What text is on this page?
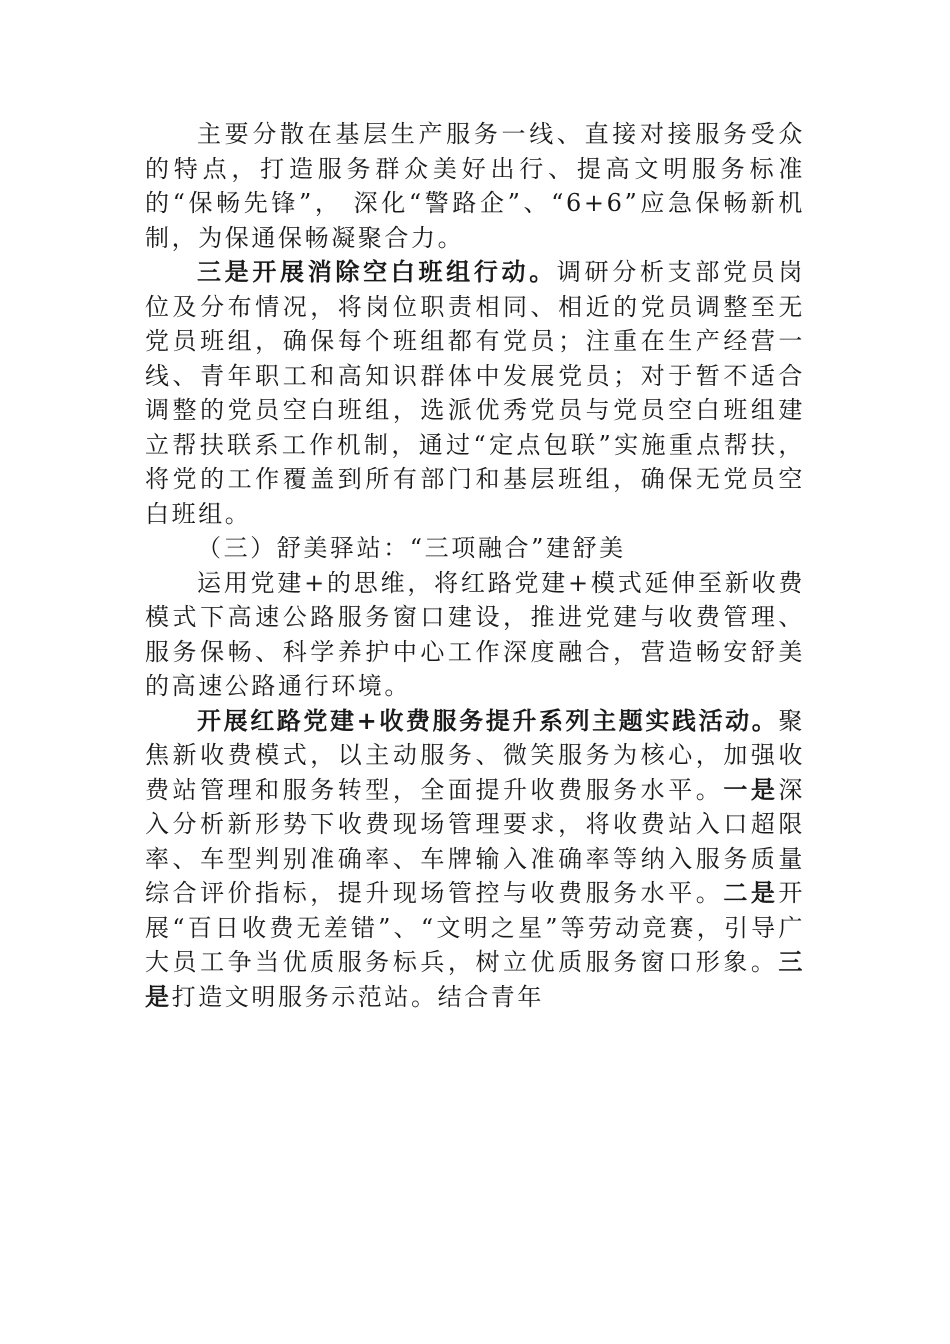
主要分散在基层生产服务一线、直接对接服务受众的特点，打造服务群众美好出行、提高文明服务标准的“保畅先锋”， 深化“警路企”、“6+6”应急保畅新机制，为保通保畅凝聚合力。

三是开展消除空白班组行动。调研分析支部党员岗位及分布情况，将岗位职责相同、相近的党员调整至无党员班组，确保每个班组都有党员；注重在生产经营一线、青年职工和高知识群体中发展党员；对于暂不适合调整的党员空白班组，选派优秀党员与党员空白班组建立帮扶联系工作机制，通过“定点包联”实施重点帮扶，将党的工作覆盖到所有部门和基层班组，确保无党员空白班组。

（三）舒美驿站：“三项融合”建舒美

运用党建+的思维，将红路党建+模式延伸至新收费模式下高速公路服务窗口建设，推进党建与收费管理、服务保畅、科学养护中心工作深度融合，营造畅安舒美的高速公路通行环境。

开展红路党建+收费服务提升系列主题实践活动。聚焦新收费模式，以主动服务、微笑服务为核心，加强收费站管理和服务转型，全面提升收费服务水平。一是深入分析新形势下收费现场管理要求，将收费站入口超限率、车型判别准确率、车牌输入准确率等纳入服务质量综合评价指标，提升现场管控与收费服务水平。二是开展“百日收费无差错”、“文明之星”等劳动竞赛，引导广大员工争当优质服务标兵，树立优质服务窗口形象。三是打造文明服务示范站。结合青年
